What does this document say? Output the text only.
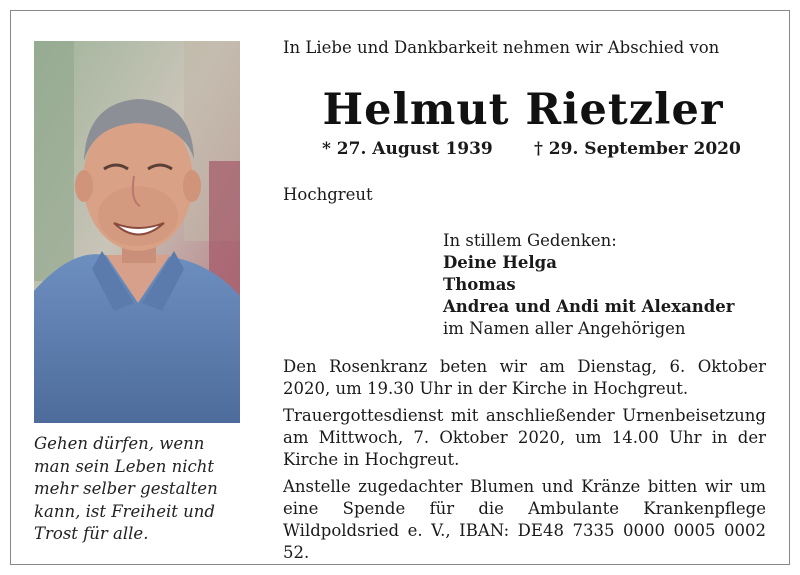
Gehen dürfen, wenn
man sein Leben nicht
mehr selber gestalten
kann, ist Freiheit und
Trost für alle.
In Liebe und Dankbarkeit nehmen wir Abschied von
Helmut Rietzler
* 27. August 1939 † 29. September 2020
Hochgreut
In stillem Gedenken:
Deine Helga
Thomas
Andrea und Andi mit Alexander
im Namen aller Angehörigen
Den Rosenkranz beten wir am Dienstag, 6. Oktober 2020, um 19.30 Uhr in der Kirche in Hochgreut.
Trauergottesdienst mit anschließender Urnenbeisetzung am Mittwoch, 7. Oktober 2020, um 14.00 Uhr in der Kirche in Hochgreut.
Anstelle zugedachter Blumen und Kränze bitten wir um eine Spende für die Ambulante Krankenpflege Wildpoldsried e. V., IBAN: DE48 7335 0000 0005 0002 52.
